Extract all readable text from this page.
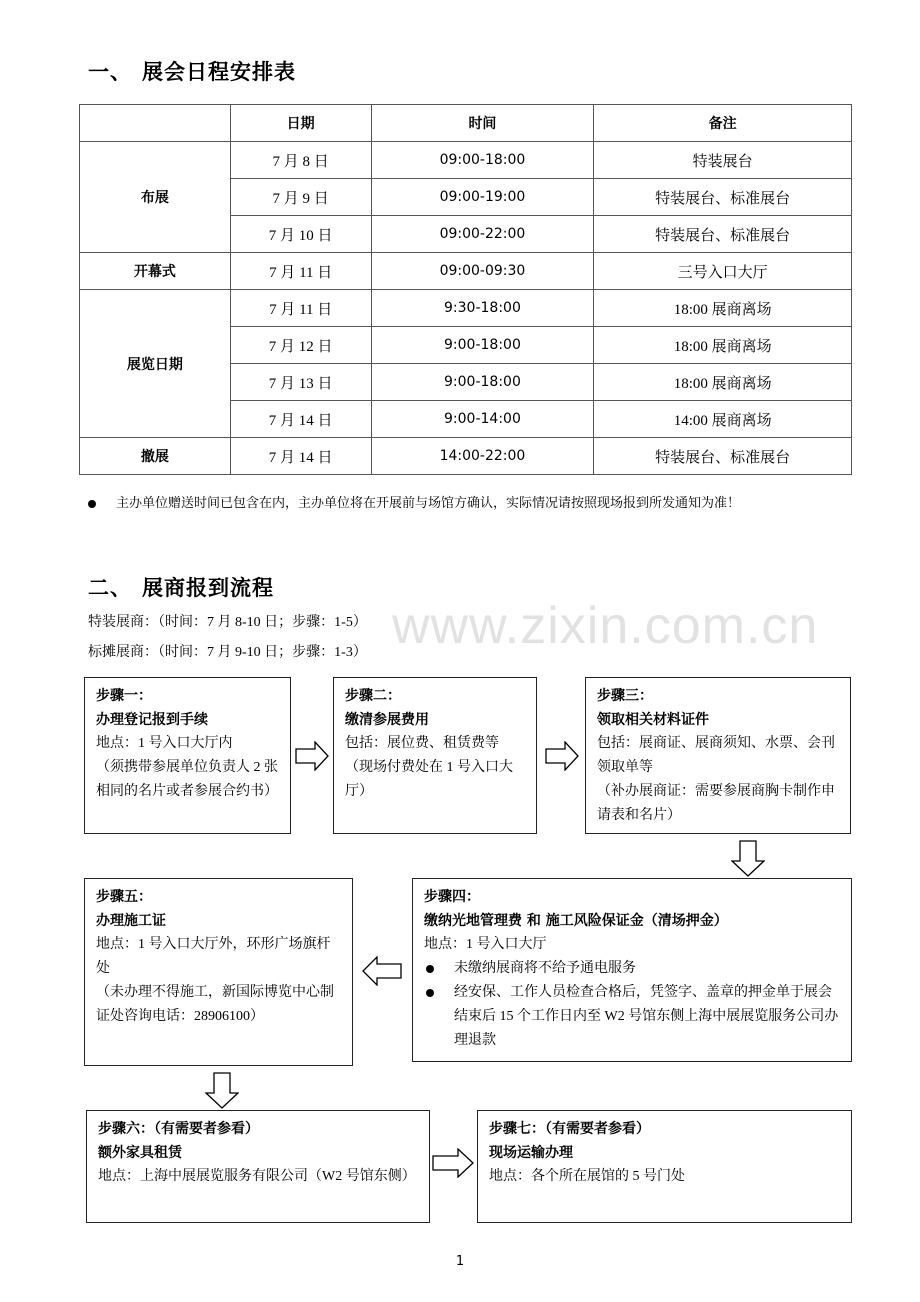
www.zixin.com.cn
一、 展会日程安排表
	日期	时间	备注
布展	7 月 8 日	09:00-18:00	特装展台
	7 月 9 日	09:00-19:00	特装展台、标准展台
	7 月 10 日	09:00-22:00	特装展台、标准展台
开幕式	7 月 11 日	09:00-09:30	三号入口大厅
展览日期	7 月 11 日	9:30-18:00	18:00 展商离场
	7 月 12 日	9:00-18:00	18:00 展商离场
	7 月 13 日	9:00-18:00	18:00 展商离场
	7 月 14 日	9:00-14:00	14:00 展商离场
撤展	7 月 14 日	14:00-22:00	特装展台、标准展台
主办单位赠送时间已包含在内，主办单位将在开展前与场馆方确认，实际情况请按照现场报到所发通知为准！
二、 展商报到流程
特装展商：（时间：7 月 8-10 日；步骤：1-5）
标摊展商：（时间：7 月 9-10 日；步骤：1-3）
步骤一：
办理登记报到手续
地点：1 号入口大厅内
（须携带参展单位负责人 2 张相同的名片或者参展合约书）
步骤二：
缴清参展费用
包括：展位费、租赁费等
（现场付费处在 1 号入口大厅）
步骤三：
领取相关材料证件
包括：展商证、展商须知、水票、会刊领取单等
（补办展商证：需要参展商胸卡制作申请表和名片）
步骤四：
缴纳光地管理费 和 施工风险保证金（清场押金）
地点：1 号入口大厅
未缴纳展商将不给予通电服务
经安保、工作人员检查合格后，凭签字、盖章的押金单于展会结束后 15 个工作日内至 W2 号馆东侧上海中展展览服务公司办理退款
步骤五：
办理施工证
地点：1 号入口大厅外，环形广场旗杆处
（未办理不得施工，新国际博览中心制证处咨询电话：28906100）
步骤六：（有需要者参看）
额外家具租赁
地点：上海中展展览服务有限公司（W2 号馆东侧）
步骤七：（有需要者参看）
现场运输办理
地点：各个所在展馆的 5 号门处
1
